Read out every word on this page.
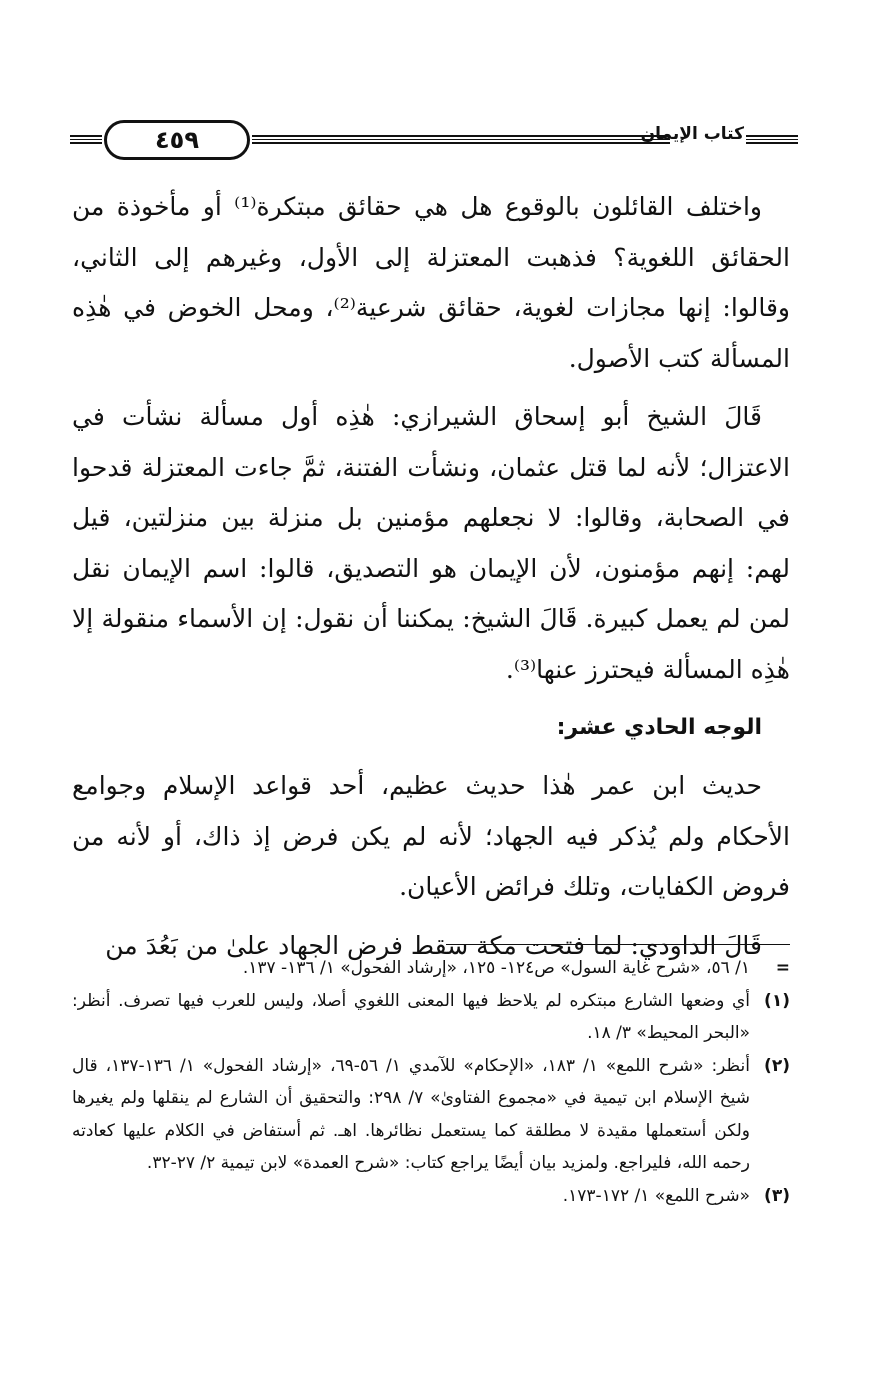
كتاب الإيمان
٤٥٩

واختلف القائلون بالوقوع هل هي حقائق مبتكرة⁽¹⁾ أو مأخوذة من الحقائق اللغوية؟ فذهبت المعتزلة إلى الأول، وغيرهم إلى الثاني، وقالوا: إنها مجازات لغوية، حقائق شرعية⁽²⁾، ومحل الخوض في هٰذِه المسألة كتب الأصول.

قَالَ الشيخ أبو إسحاق الشيرازي: هٰذِه أول مسألة نشأت في الاعتزال؛ لأنه لما قتل عثمان، ونشأت الفتنة، ثمَّ جاءت المعتزلة قدحوا في الصحابة، وقالوا: لا نجعلهم مؤمنين بل منزلة بين منزلتين، قيل لهم: إنهم مؤمنون، لأن الإيمان هو التصديق، قالوا: اسم الإيمان نقل لمن لم يعمل كبيرة. قَالَ الشيخ: يمكننا أن نقول: إن الأسماء منقولة إلا هٰذِه المسألة فيحترز عنها⁽³⁾.

الوجه الحادي عشر:

حديث ابن عمر هٰذا حديث عظيم، أحد قواعد الإسلام وجوامع الأحكام ولم يُذكر فيه الجهاد؛ لأنه لم يكن فرض إذ ذاك، أو لأنه من فروض الكفايات، وتلك فرائض الأعيان.

قَالَ الداودي: لما فتحت مكة سقط فرض الجهاد علىٰ من بَعُدَ من

=
١/ ٥٦، «شرح غاية السول» ص١٢٤- ١٢٥، «إرشاد الفحول» ١/ ١٣٦- ١٣٧.
(١)
أي وضعها الشارع مبتكره لم يلاحظ فيها المعنى اللغوي أصلا، وليس للعرب فيها تصرف. أنظر: «البحر المحيط» ٣/ ١٨.
(٢)
أنظر: «شرح اللمع» ١/ ١٨٣، «الإحكام» للآمدي ١/ ٥٦-٦٩، «إرشاد الفحول» ١/ ١٣٦-١٣٧، قال شيخ الإسلام ابن تيمية في «مجموع الفتاوىٰ» ٧/ ٢٩٨: والتحقيق أن الشارع لم ينقلها ولم يغيرها ولكن أستعملها مقيدة لا مطلقة كما يستعمل نظائرها. اهـ. ثم أستفاض في الكلام عليها كعادته رحمه الله، فليراجع. ولمزيد بيان أيضًا يراجع كتاب: «شرح العمدة» لابن تيمية ٢/ ٢٧-٣٢.
(٣)
«شرح اللمع» ١/ ١٧٢-١٧٣.
